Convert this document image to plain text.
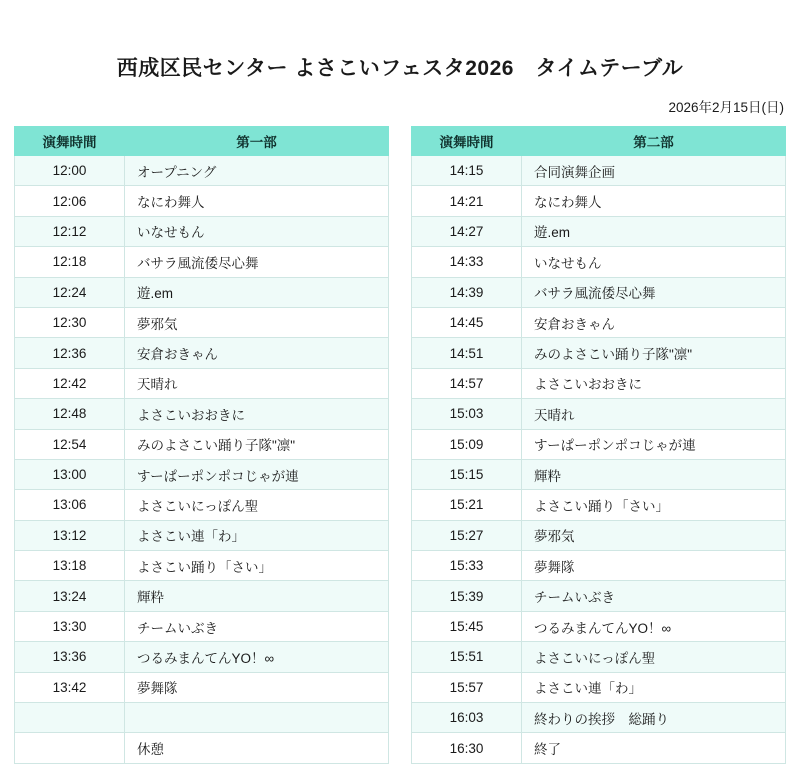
西成区民センター よさこいフェスタ2026　タイムテーブル
2026年2月15日(日)
演舞時間	第一部
12:00	オープニング
12:06	なにわ舞人
12:12	いなせもん
12:18	バサラ風流倭尽心舞
12:24	遊.em
12:30	夢邪気
12:36	安倉おきゃん
12:42	天晴れ
12:48	よさこいおおきに
12:54	みのよさこい踊り子隊"凛"
13:00	すーぱーポンポコじゃが連
13:06	よさこいにっぽん聖
13:12	よさこい連「わ」
13:18	よさこい踊り「さい」
13:24	輝粋
13:30	チームいぶき
13:36	つるみまんてんYO！∞
13:42	夢舞隊

	休憩
演舞時間	第二部
14:15	合同演舞企画
14:21	なにわ舞人
14:27	遊.em
14:33	いなせもん
14:39	バサラ風流倭尽心舞
14:45	安倉おきゃん
14:51	みのよさこい踊り子隊"凛"
14:57	よさこいおおきに
15:03	天晴れ
15:09	すーぱーポンポコじゃが連
15:15	輝粋
15:21	よさこい踊り「さい」
15:27	夢邪気
15:33	夢舞隊
15:39	チームいぶき
15:45	つるみまんてんYO！∞
15:51	よさこいにっぽん聖
15:57	よさこい連「わ」
16:03	終わりの挨拶　総踊り
16:30	終了
